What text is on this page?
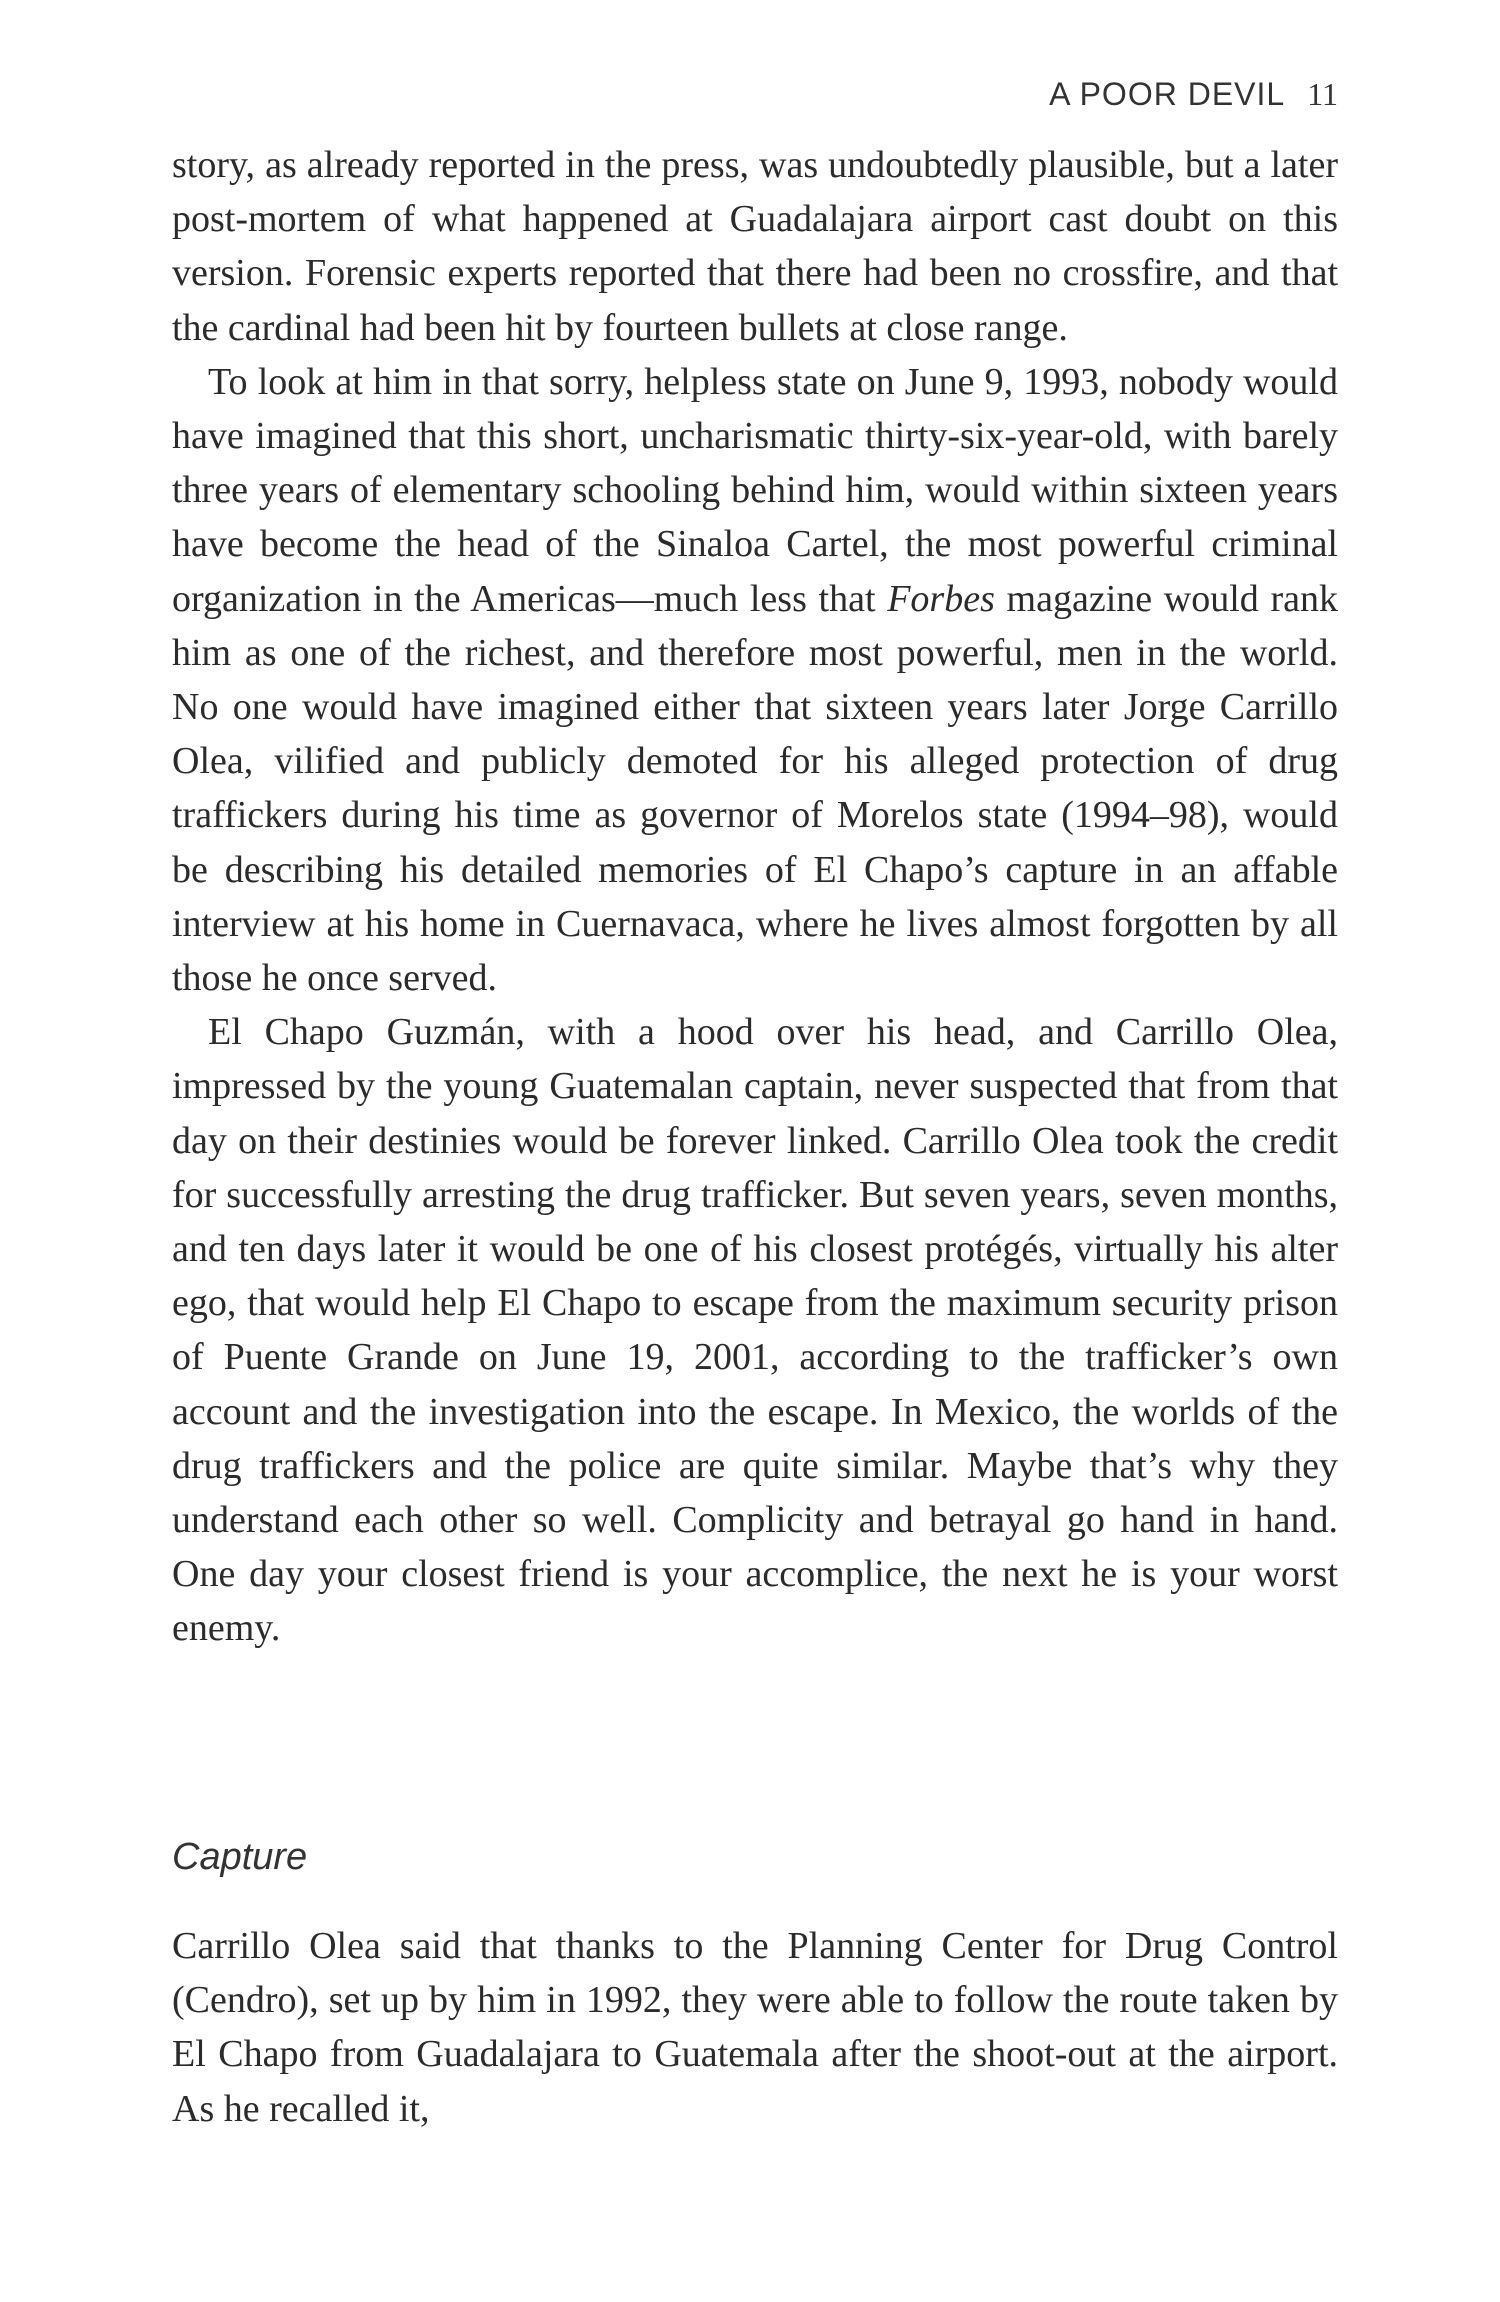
A POOR DEVIL 11

story, as already reported in the press, was undoubtedly plausible, but a later post-mortem of what happened at Guadalajara airport cast doubt on this version. Forensic experts reported that there had been no crossfire, and that the cardinal had been hit by fourteen bullets at close range.

To look at him in that sorry, helpless state on June 9, 1993, nobody would have imagined that this short, uncharismatic thirty-six-year-old, with barely three years of elementary schooling behind him, would within sixteen years have become the head of the Sinaloa Cartel, the most powerful criminal organization in the Americas—much less that Forbes magazine would rank him as one of the richest, and therefore most powerful, men in the world. No one would have imagined either that sixteen years later Jorge Carrillo Olea, vilified and publicly demoted for his alleged protection of drug traffickers during his time as governor of Morelos state (1994–98), would be describing his detailed memories of El Chapo’s capture in an affable interview at his home in Cuernavaca, where he lives almost forgotten by all those he once served.

El Chapo Guzmán, with a hood over his head, and Carrillo Olea, impressed by the young Guatemalan captain, never suspected that from that day on their destinies would be forever linked. Carrillo Olea took the credit for successfully arresting the drug trafficker. But seven years, seven months, and ten days later it would be one of his closest protégés, virtually his alter ego, that would help El Chapo to escape from the maximum security prison of Puente Grande on June 19, 2001, according to the trafficker’s own account and the investigation into the escape. In Mexico, the worlds of the drug traffickers and the police are quite similar. Maybe that’s why they understand each other so well. Complicity and betrayal go hand in hand. One day your closest friend is your accomplice, the next he is your worst enemy.

Capture

Carrillo Olea said that thanks to the Planning Center for Drug Control (Cendro), set up by him in 1992, they were able to follow the route taken by El Chapo from Guadalajara to Guatemala after the shoot-out at the airport. As he recalled it,
